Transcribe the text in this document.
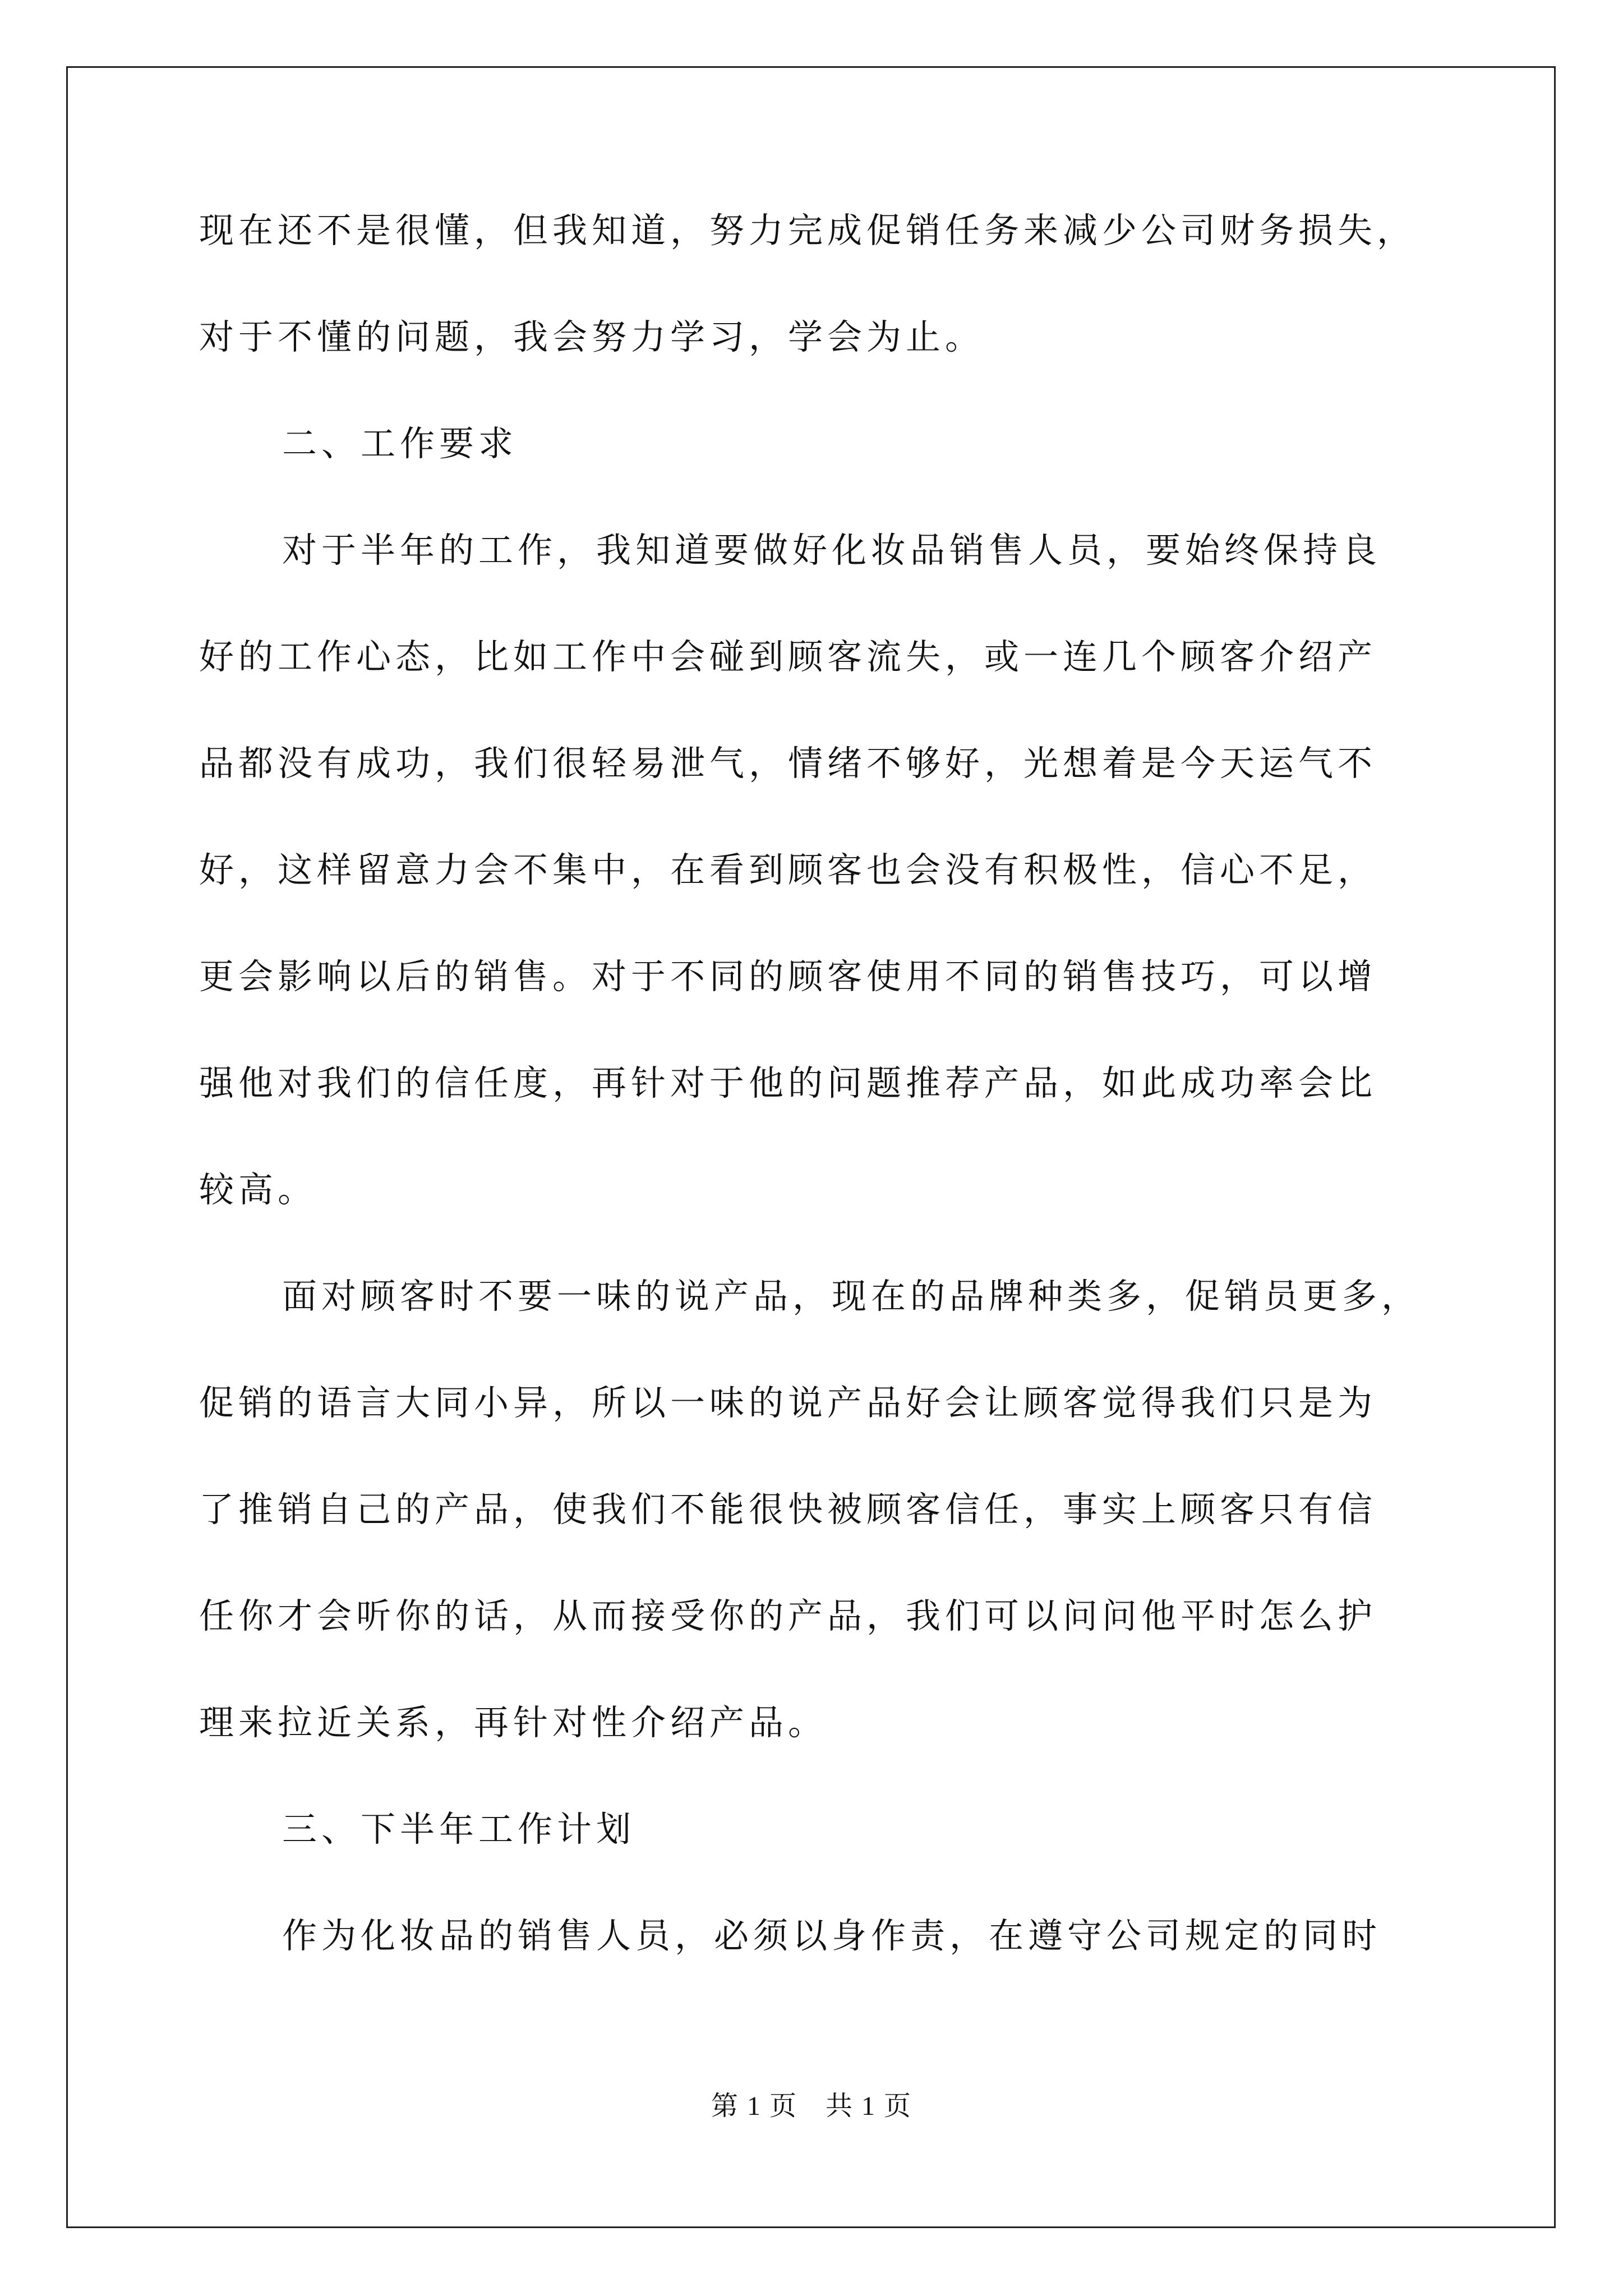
现在还不是很懂，但我知道，努力完成促销任务来减少公司财务损失，
对于不懂的问题，我会努力学习，学会为止。
二、工作要求
对于半年的工作，我知道要做好化妆品销售人员，要始终保持良
好的工作心态，比如工作中会碰到顾客流失，或一连几个顾客介绍产
品都没有成功，我们很轻易泄气，情绪不够好，光想着是今天运气不
好，这样留意力会不集中，在看到顾客也会没有积极性，信心不足，
更会影响以后的销售。对于不同的顾客使用不同的销售技巧，可以增
强他对我们的信任度，再针对于他的问题推荐产品，如此成功率会比
较高。
面对顾客时不要一味的说产品，现在的品牌种类多，促销员更多，
促销的语言大同小异，所以一味的说产品好会让顾客觉得我们只是为
了推销自己的产品，使我们不能很快被顾客信任，事实上顾客只有信
任你才会听你的话，从而接受你的产品，我们可以问问他平时怎么护
理来拉近关系，再针对性介绍产品。
三、下半年工作计划
作为化妆品的销售人员，必须以身作责，在遵守公司规定的同时
第 1 页　共 1 页
